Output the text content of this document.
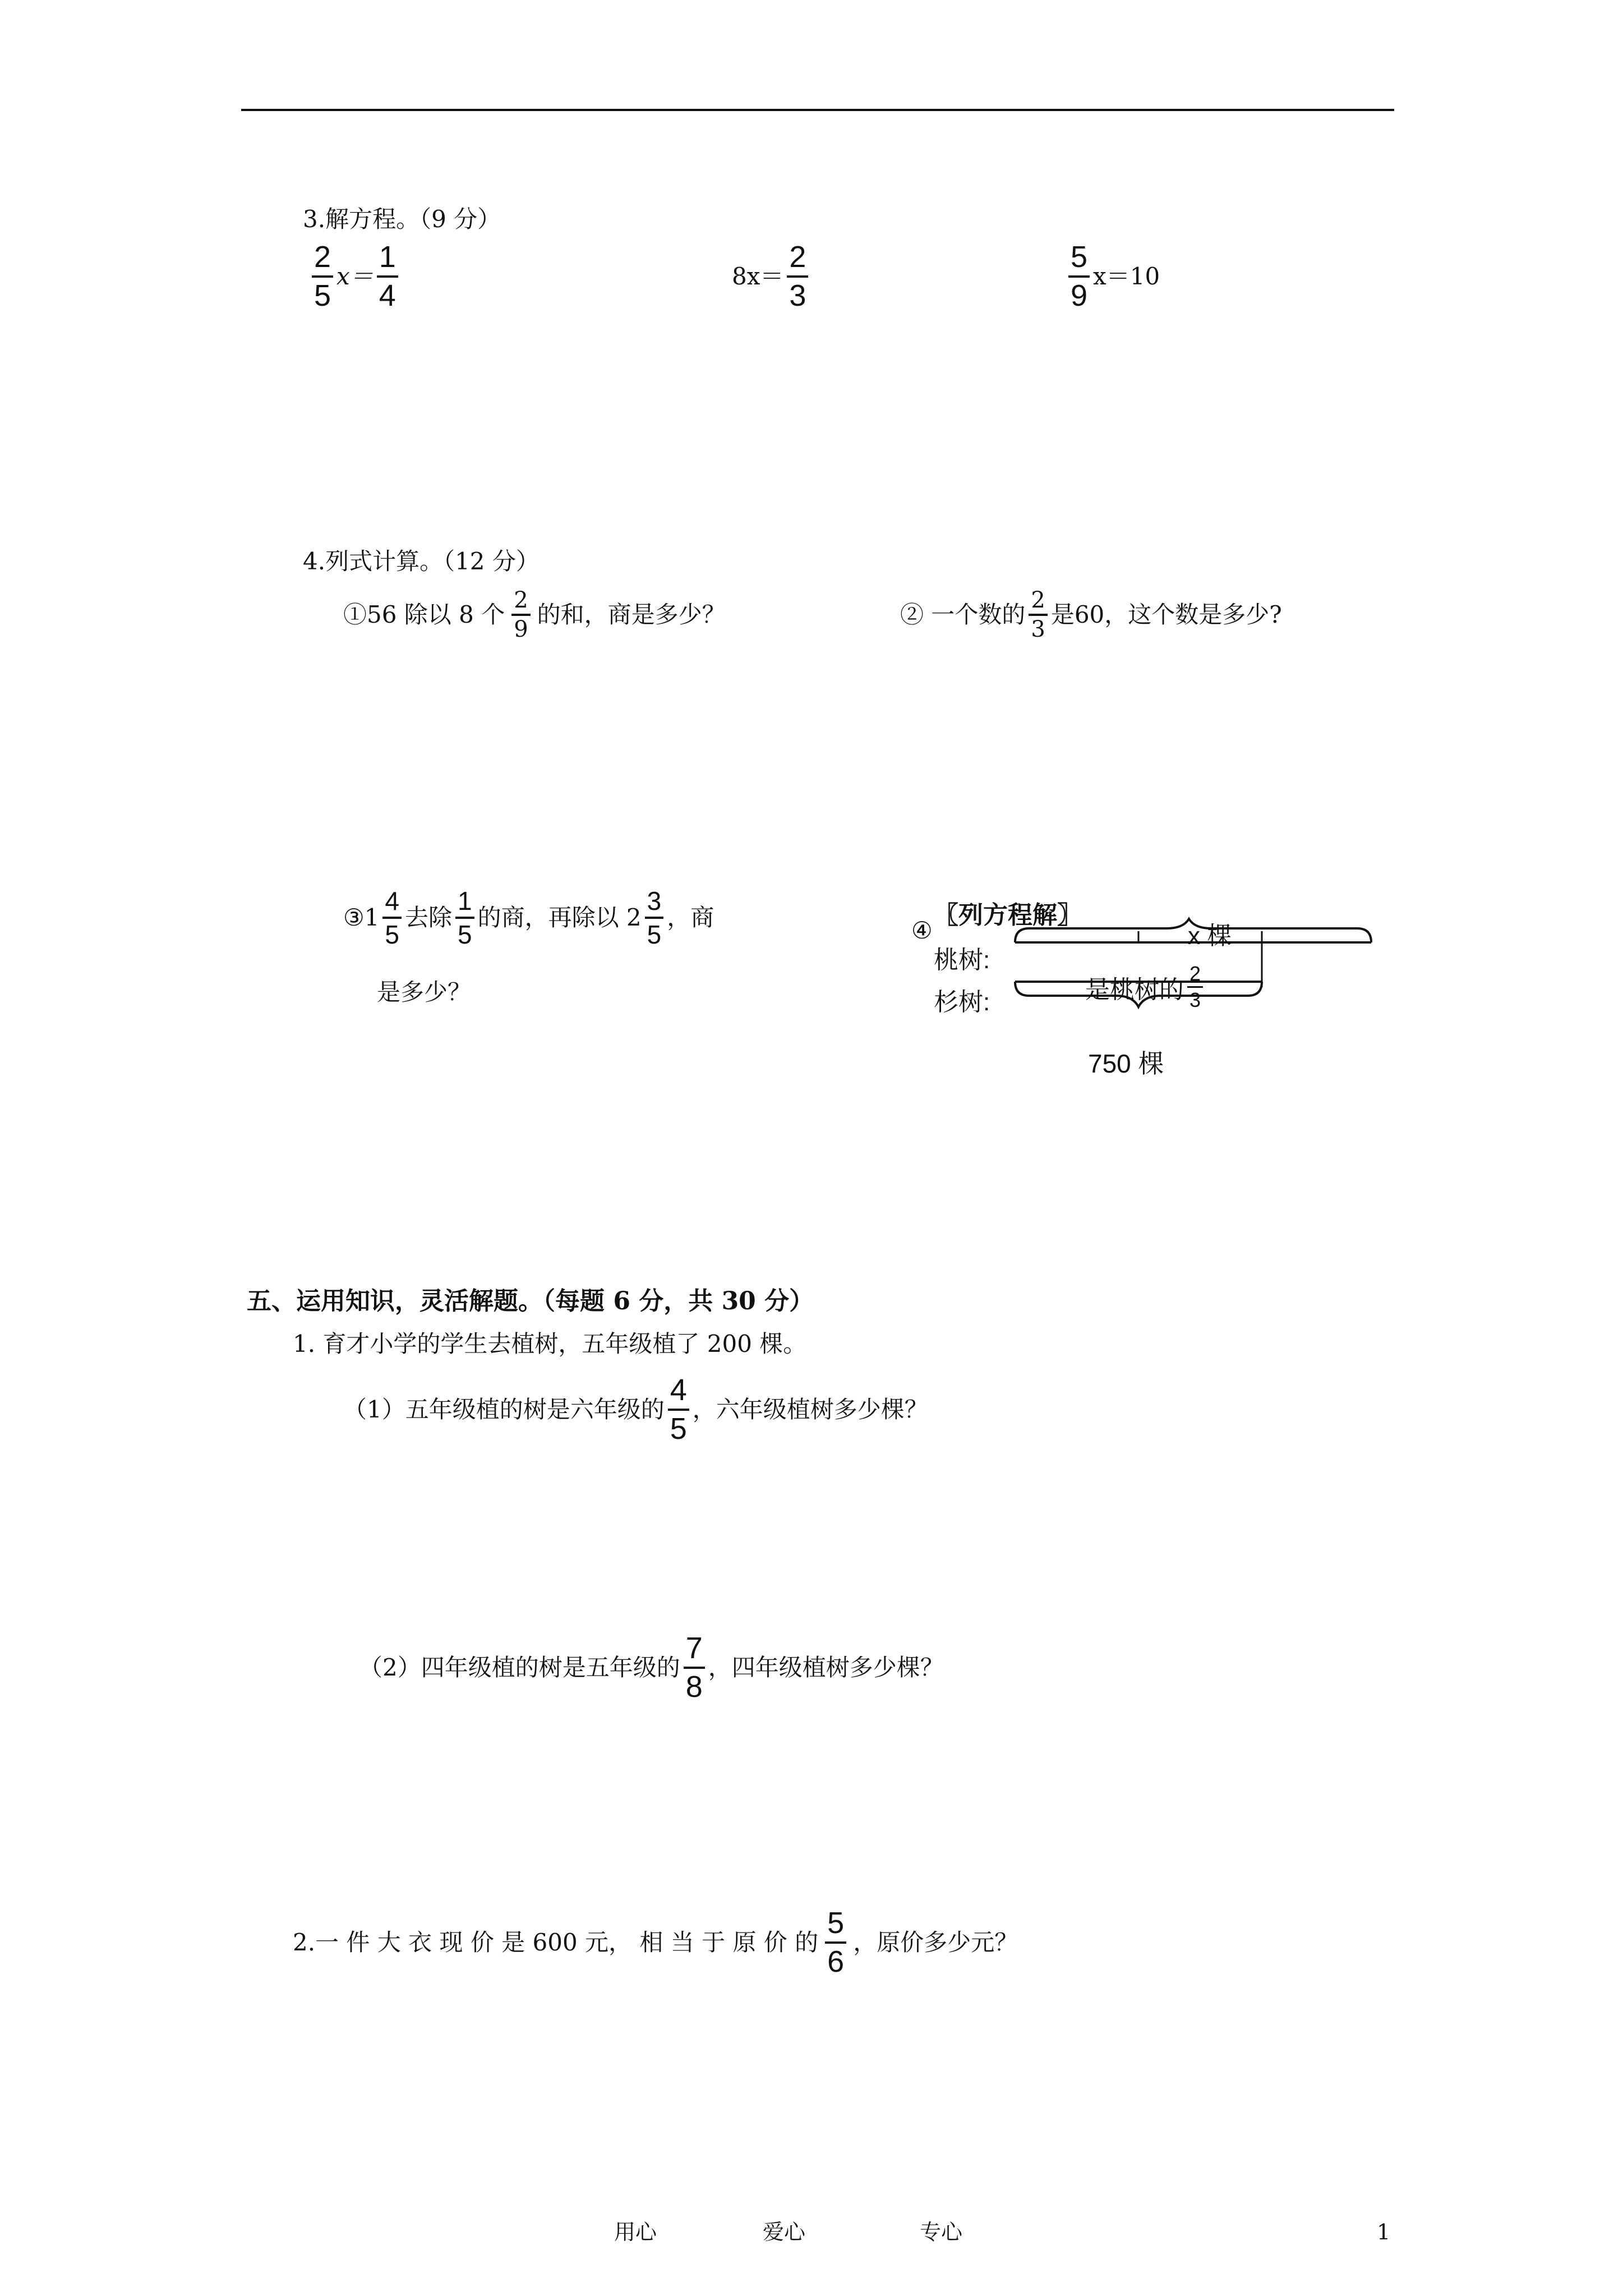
3.解方程。（9 分）
$\frac{2}{5} x= \frac{1}{4}$	$8x= \frac{2}{3}$	$\frac{5}{9} x=10$
4.列式计算。（12 分）
①56 除以 8 个 $\frac{2}{9}$ 的和，商是多少？	② 一个数的 $\frac{2}{3}$ 是60，这个数是多少?
③1 $\frac{4}{5}$ 去除 $\frac{1}{5}$ 的商，再除以 $2 \frac{3}{5}$ ，商
是多少？
④
〖列方程解〗
桃树:
杉树:
x 棵
是桃树的 $\frac{2}{3}$
750 棵
五、运用知识，灵活解题。（每题 6 分，共 30 分）
1. 育才小学的学生去植树，五年级植了 200 棵。
（1）五年级植的树是六年级的 $\frac{4}{5}$ ，六年级植树多少棵？
（2）四年级植的树是五年级的 $\frac{7}{8}$ ，四年级植树多少棵？
2.一 件 大 衣 现 价 是 600 元， 相 当 于 原 价 的 $\frac{5}{6}$ ，原价多少元？
用心	爱心	专心	1
